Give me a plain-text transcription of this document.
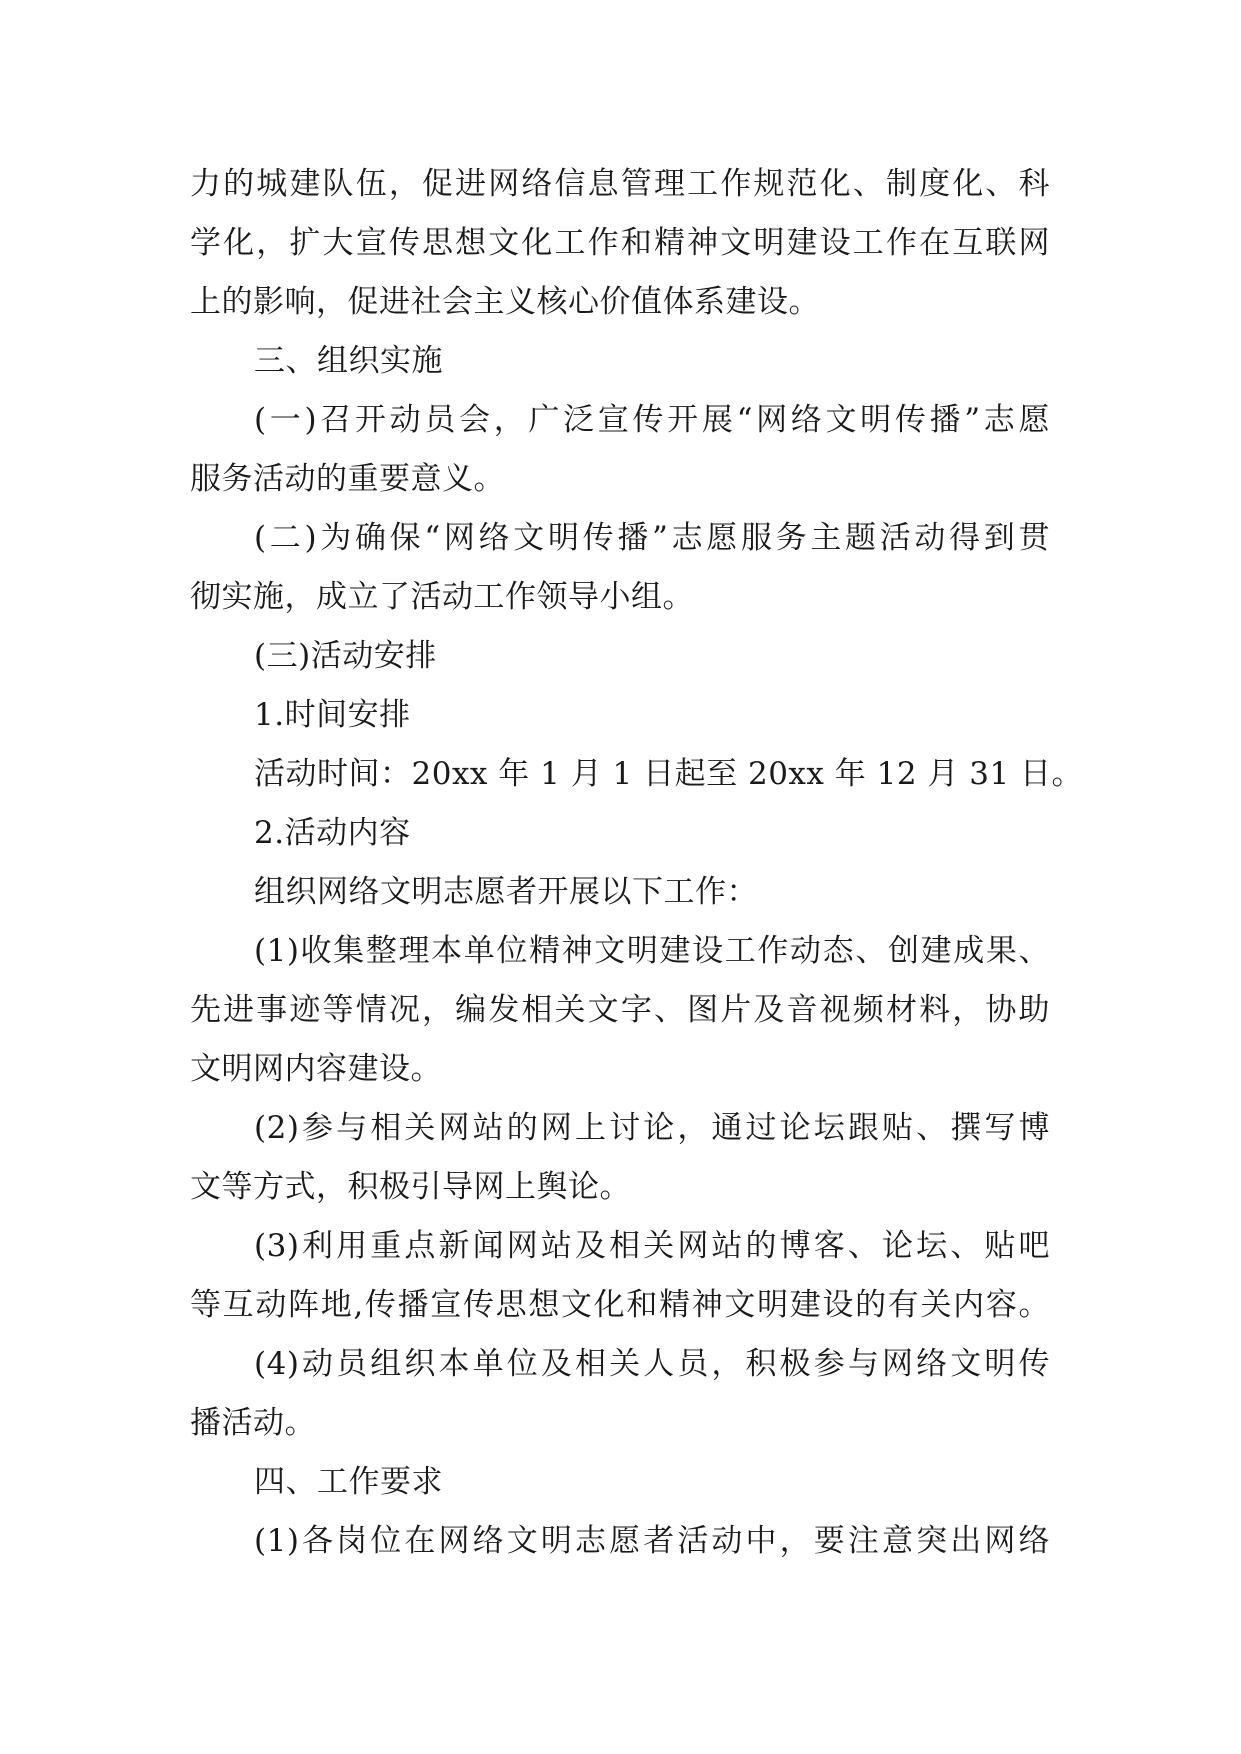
力的城建队伍，促进网络信息管理工作规范化、制度化、科
学化，扩大宣传思想文化工作和精神文明建设工作在互联网
上的影响，促进社会主义核心价值体系建设。
三、组织实施
(一)召开动员会，广泛宣传开展“网络文明传播”志愿
服务活动的重要意义。
(二)为确保“网络文明传播”志愿服务主题活动得到贯
彻实施，成立了活动工作领导小组。
(三)活动安排
1.时间安排
活动时间：20xx 年 1 月 1 日起至 20xx 年 12 月 31 日。
2.活动内容
组织网络文明志愿者开展以下工作：
(1)收集整理本单位精神文明建设工作动态、创建成果、
先进事迹等情况，编发相关文字、图片及音视频材料，协助
文明网内容建设。
(2)参与相关网站的网上讨论，通过论坛跟贴、撰写博
文等方式，积极引导网上舆论。
(3)利用重点新闻网站及相关网站的博客、论坛、贴吧
等互动阵地,传播宣传思想文化和精神文明建设的有关内容。
(4)动员组织本单位及相关人员，积极参与网络文明传
播活动。
四、工作要求
(1)各岗位在网络文明志愿者活动中，要注意突出网络
